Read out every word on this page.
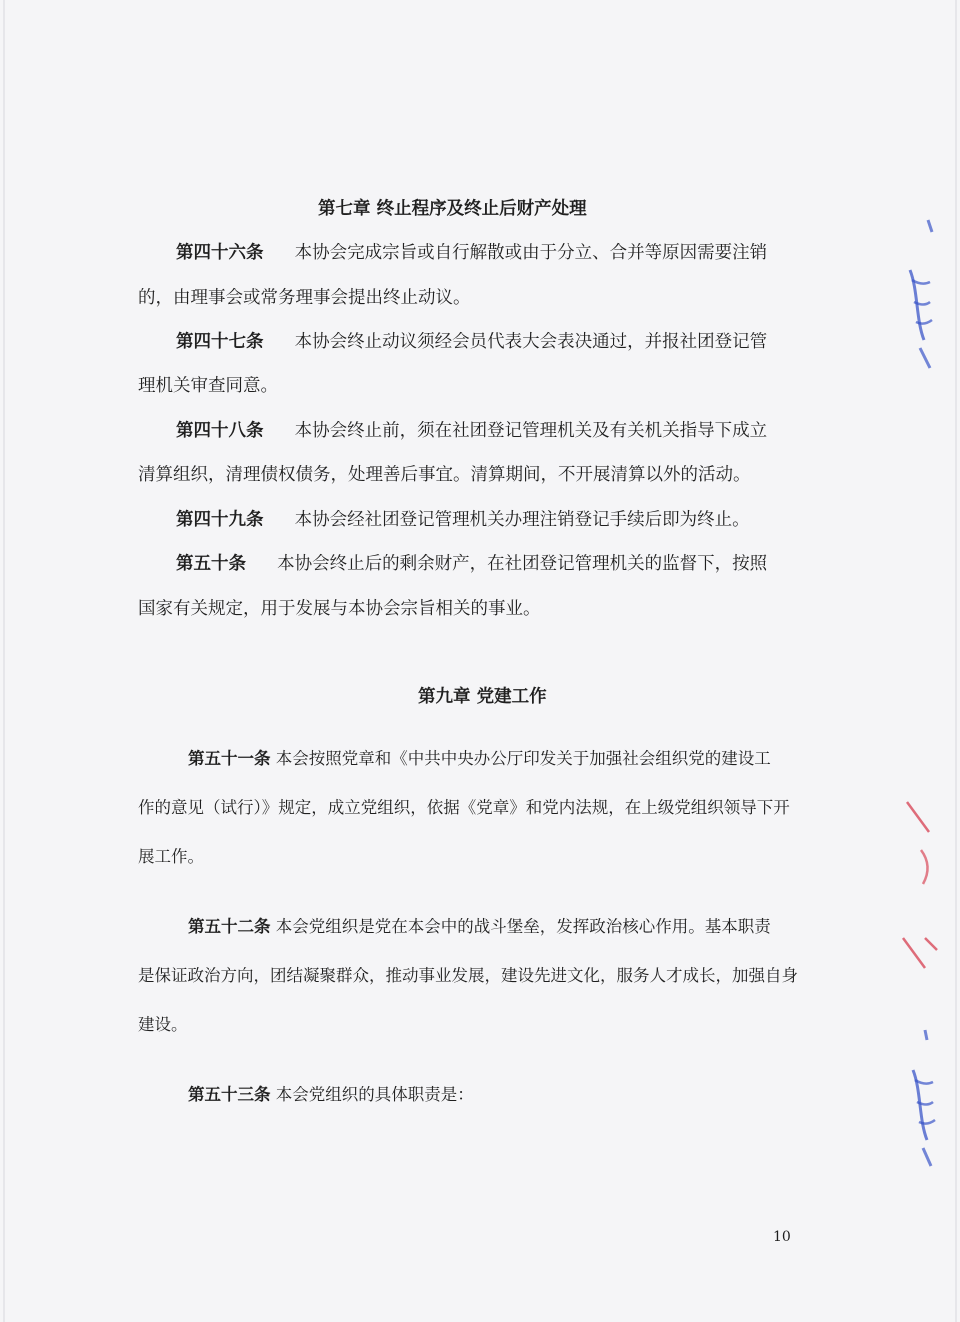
第七章 终止程序及终止后财产处理
第四十六条 本协会完成宗旨或自行解散或由于分立、合并等原因需要注销
的，由理事会或常务理事会提出终止动议。
第四十七条 本协会终止动议须经会员代表大会表决通过，并报社团登记管
理机关审查同意。
第四十八条 本协会终止前，须在社团登记管理机关及有关机关指导下成立
清算组织，清理债权债务，处理善后事宜。清算期间，不开展清算以外的活动。
第四十九条 本协会经社团登记管理机关办理注销登记手续后即为终止。
第五十条 本协会终止后的剩余财产，在社团登记管理机关的监督下，按照
国家有关规定，用于发展与本协会宗旨相关的事业。
第九章 党建工作
第五十一条 本会按照党章和《中共中央办公厅印发关于加强社会组织党的建设工
作的意见（试行）》规定，成立党组织，依据《党章》和党内法规，在上级党组织领导下开
展工作。
第五十二条 本会党组织是党在本会中的战斗堡垒，发挥政治核心作用。基本职责
是保证政治方向，团结凝聚群众，推动事业发展，建设先进文化，服务人才成长，加强自身
建设。
第五十三条 本会党组织的具体职责是：
10
